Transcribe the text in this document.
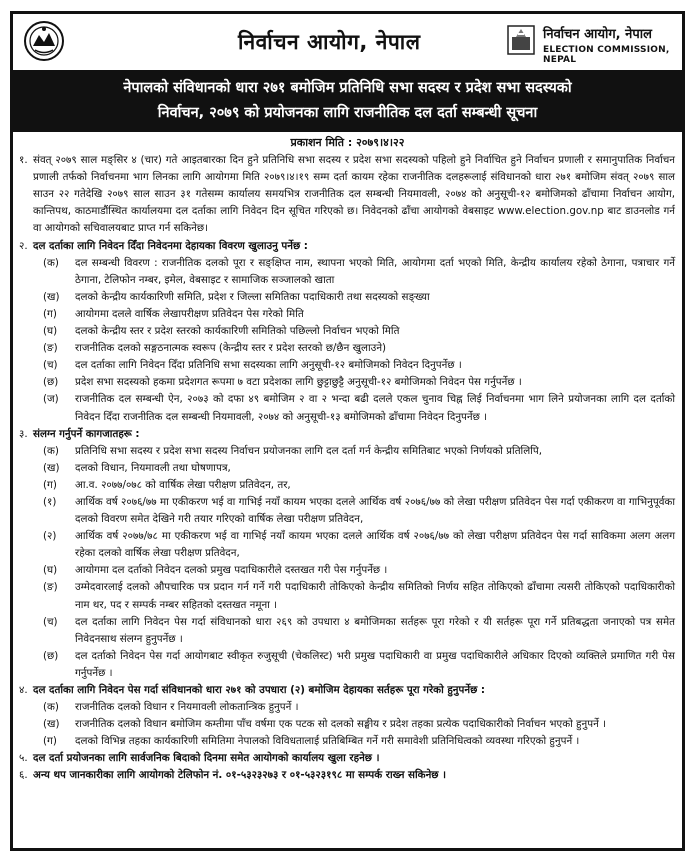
निर्वाचन आयोग, नेपाल	निर्वाचन आयोग, नेपाल
ELECTION COMMISSION, NEPAL
नेपालको संविधानको धारा २७१ बमोजिम प्रतिनिधि सभा सदस्य र प्रदेश सभा सदस्यको
निर्वाचन, २०७९ को प्रयोजनका लागि राजनीतिक दल दर्ता सम्बन्धी सूचना
प्रकाशन मिति : २०७९।४।२२
१. संवत् २०७९ साल मङ्सिर ४ (चार) गते आइतबारका दिन हुने प्रतिनिधि सभा सदस्य र प्रदेश सभा सदस्यको पहिलो हुने निर्वाचित हुने निर्वाचन प्रणाली र समानुपातिक निर्वाचन प्रणाली तर्फको निर्वाचनमा भाग लिनका लागि आयोगमा मिति २०७९।४।१९ सम्म दर्ता कायम रहेका राजनीतिक दलहरूलाई संविधानको धारा २७१ बमोजिम संवत् २०७९ साल साउन २२ गतेदेखि २०७९ साल साउन ३१ गतेसम्म कार्यालय समयभित्र राजनीतिक दल सम्बन्धी नियमावली, २०७४ को अनुसूची-१२ बमोजिमको ढाँचामा निर्वाचन आयोग, कान्तिपथ, काठमाडौंस्थित कार्यालयमा दल दर्ताका लागि निवेदन दिन सूचित गरिएको छ। निवेदनको ढाँचा आयोगको वेबसाइट www.election.gov.np बाट डाउनलोड गर्न वा आयोगको सचिवालयबाट प्राप्त गर्न सकिनेछ।
२. दल दर्ताका लागि निवेदन दिँदा निवेदनमा देहायका विवरण खुलाउनु पर्नेछ :
(क)	दल सम्बन्धी विवरण : राजनीतिक दलको पूरा र सङ्क्षिप्त नाम, स्थापना भएको मिति, आयोगमा दर्ता भएको मिति, केन्द्रीय कार्यालय रहेको ठेगाना, पत्राचार गर्ने ठेगाना, टेलिफोन नम्बर, इमेल, वेबसाइट र सामाजिक सञ्जालको खाता
(ख)	दलको केन्द्रीय कार्यकारिणी समिति, प्रदेश र जिल्ला समितिका पदाधिकारी तथा सदस्यको सङ्ख्या
(ग)	आयोगमा दलले वार्षिक लेखापरीक्षण प्रतिवेदन पेस गरेको मिति
(घ)	दलको केन्द्रीय स्तर र प्रदेश स्तरको कार्यकारिणी समितिको पछिल्लो निर्वाचन भएको मिति
(ङ)	राजनीतिक दलको सङ्गठनात्मक स्वरूप (केन्द्रीय स्तर र प्रदेश स्तरको छ/छैन खुलाउने)
(च)	दल दर्ताका लागि निवेदन दिँदा प्रतिनिधि सभा सदस्यका लागि अनुसूची-१२ बमोजिमको निवेदन दिनुपर्नेछ ।
(छ)	प्रदेश सभा सदस्यको हकमा प्रदेशगत रूपमा ७ वटा प्रदेशका लागि छुट्टाछुट्टै अनुसूची-१२ बमोजिमको निवेदन पेस गर्नुपर्नेछ ।
(ज)	राजनीतिक दल सम्बन्धी ऐन, २०७३ को दफा ४९ बमोजिम २ वा २ भन्दा बढी दलले एकल चुनाव चिह्न लिई निर्वाचनमा भाग लिने प्रयोजनका लागि दल दर्ताको निवेदन दिँदा राजनीतिक दल सम्बन्धी नियमावली, २०७४ को अनुसूची-१३ बमोजिमको ढाँचामा निवेदन दिनुपर्नेछ ।
३. संलग्न गर्नुपर्ने कागजातहरू :
(क)	प्रतिनिधि सभा सदस्य र प्रदेश सभा सदस्य निर्वाचन प्रयोजनका लागि दल दर्ता गर्न केन्द्रीय समितिबाट भएको निर्णयको प्रतिलिपि,
(ख)	दलको विधान, नियमावली तथा घोषणापत्र,
(ग)	आ.व. २०७७/०७८ को वार्षिक लेखा परीक्षण प्रतिवेदन, तर,
(१)	आर्थिक वर्ष २०७६/७७ मा एकीकरण भई वा गाभिई नयाँ कायम भएका दलले आर्थिक वर्ष २०७६/७७ को लेखा परीक्षण प्रतिवेदन पेस गर्दा एकीकरण वा गाभिनुपूर्वका दलको विवरण समेत देखिने गरी तयार गरिएको वार्षिक लेखा परीक्षण प्रतिवेदन,
(२)	आर्थिक वर्ष २०७७/७८ मा एकीकरण भई वा गाभिई नयाँ कायम भएका दलले आर्थिक वर्ष २०७६/७७ को लेखा परीक्षण प्रतिवेदन पेस गर्दा साविकमा अलग अलग रहेका दलको वार्षिक लेखा परीक्षण प्रतिवेदन,
(घ)	आयोगमा दल दर्ताको निवेदन दलको प्रमुख पदाधिकारीले दस्तखत गरी पेस गर्नुपर्नेछ ।
(ङ)	उम्मेदवारलाई दलको औपचारिक पत्र प्रदान गर्न गर्ने गरी पदाधिकारी तोकिएको केन्द्रीय समितिको निर्णय सहित तोकिएको ढाँचामा त्यसरी तोकिएको पदाधिकारीको नाम थर, पद र सम्पर्क नम्बर सहितको दस्तखत नमूना ।
(च)	दल दर्ताका लागि निवेदन पेस गर्दा संविधानको धारा २६९ को उपधारा ४ बमोजिमका सर्तहरू पूरा गरेको र यी सर्तहरू पूरा गर्ने प्रतिबद्धता जनाएको पत्र समेत निवेदनसाथ संलग्न हुनुपर्नेछ ।
(छ)	दल दर्ताको निवेदन पेस गर्दा आयोगबाट स्वीकृत रुजुसूची (चेकलिस्ट) भरी प्रमुख पदाधिकारी वा प्रमुख पदाधिकारीले अधिकार दिएको व्यक्तिले प्रमाणित गरी पेस गर्नुपर्नेछ ।
४. दल दर्ताका लागि निवेदन पेस गर्दा संविधानको धारा २७१ को उपधारा (२) बमोजिम देहायका सर्तहरू पूरा गरेको हुनुपर्नेछ :
(क)	राजनीतिक दलको विधान र नियमावली लोकतान्त्रिक हुनुपर्ने ।
(ख)	राजनीतिक दलको विधान बमोजिम कम्तीमा पाँच वर्षमा एक पटक सो दलको सङ्घीय र प्रदेश तहका प्रत्येक पदाधिकारीको निर्वाचन भएको हुनुपर्ने ।
(ग)	दलको विभिन्न तहका कार्यकारिणी समितिमा नेपालको विविधतालाई प्रतिबिम्बित गर्ने गरी समावेशी प्रतिनिधित्वको व्यवस्था गरिएको हुनुपर्ने ।
५. दल दर्ता प्रयोजनका लागि सार्वजनिक बिदाको दिनमा समेत आयोगको कार्यालय खुला रहनेछ ।
६. अन्य थप जानकारीका लागि आयोगको टेलिफोन नं. ०१-५३२३२७३ र ०१-५३२३१९८ मा सम्पर्क राख्न सकिनेछ ।
